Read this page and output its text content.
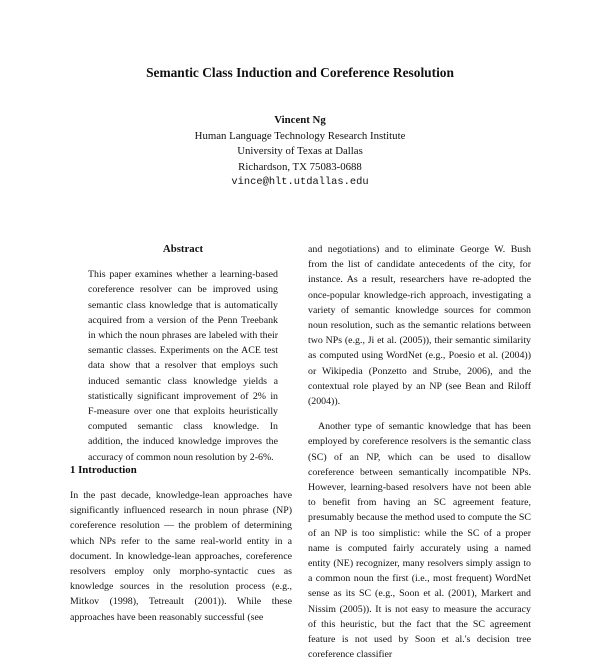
Semantic Class Induction and Coreference Resolution
Vincent Ng
Human Language Technology Research Institute
University of Texas at Dallas
Richardson, TX 75083-0688
vince@hlt.utdallas.edu
Abstract
This paper examines whether a learning-based coreference resolver can be improved using semantic class knowledge that is automatically acquired from a version of the Penn Treebank in which the noun phrases are labeled with their semantic classes. Experiments on the ACE test data show that a resolver that employs such induced semantic class knowledge yields a statistically significant improvement of 2% in F-measure over one that exploits heuristically computed semantic class knowledge. In addition, the induced knowledge improves the accuracy of common noun resolution by 2-6%.
1 Introduction
In the past decade, knowledge-lean approaches have significantly influenced research in noun phrase (NP) coreference resolution — the problem of determining which NPs refer to the same real-world entity in a document. In knowledge-lean approaches, coreference resolvers employ only morpho-syntactic cues as knowledge sources in the resolution process (e.g., Mitkov (1998), Tetreault (2001)). While these approaches have been reasonably successful (see

and negotiations) and to eliminate George W. Bush from the list of candidate antecedents of the city, for instance. As a result, researchers have re-adopted the once-popular knowledge-rich approach, investigating a variety of semantic knowledge sources for common noun resolution, such as the semantic relations between two NPs (e.g., Ji et al. (2005)), their semantic similarity as computed using WordNet (e.g., Poesio et al. (2004)) or Wikipedia (Ponzetto and Strube, 2006), and the contextual role played by an NP (see Bean and Riloff (2004)).

Another type of semantic knowledge that has been employed by coreference resolvers is the semantic class (SC) of an NP, which can be used to disallow coreference between semantically incompatible NPs. However, learning-based resolvers have not been able to benefit from having an SC agreement feature, presumably because the method used to compute the SC of an NP is too simplistic: while the SC of a proper name is computed fairly accurately using a named entity (NE) recognizer, many resolvers simply assign to a common noun the first (i.e., most frequent) WordNet sense as its SC (e.g., Soon et al. (2001), Markert and Nissim (2005)). It is not easy to measure the accuracy of this heuristic, but the fact that the SC agreement feature is not used by Soon et al.'s decision tree coreference classifier
